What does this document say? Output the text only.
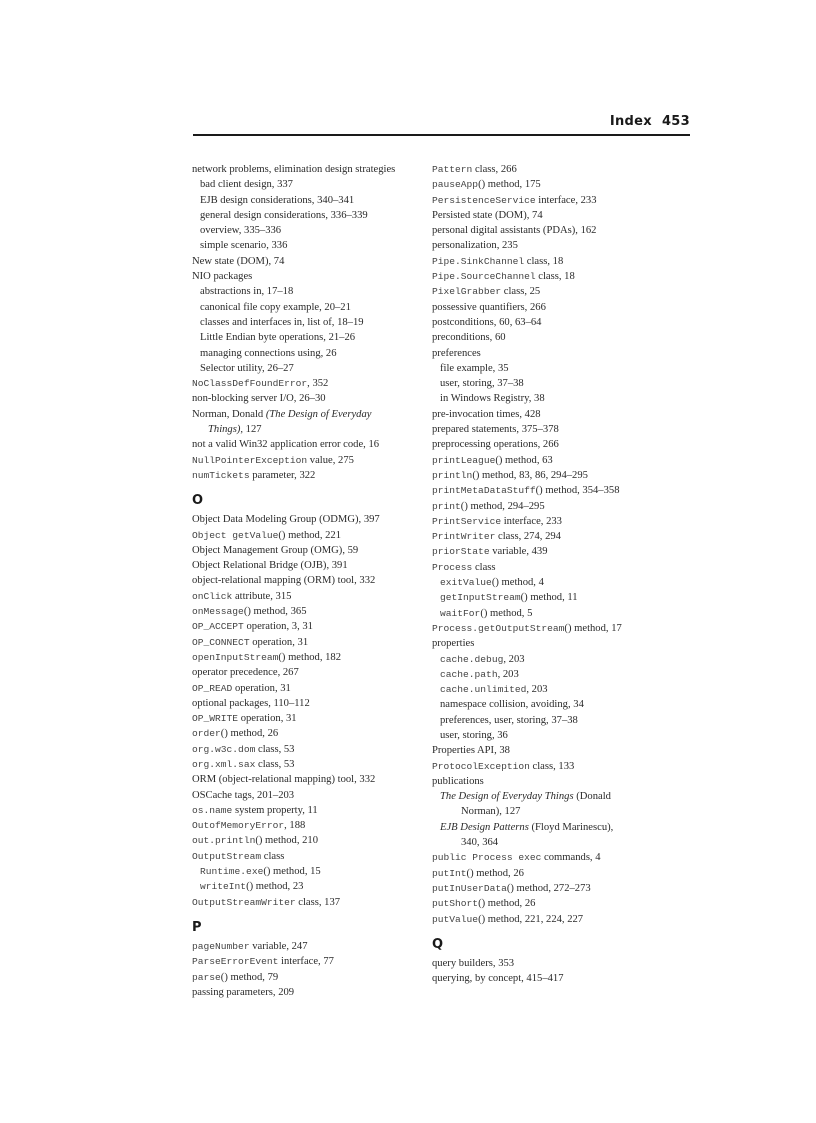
Index 453
network problems, elimination design strategies
bad client design, 337
EJB design considerations, 340–341
general design considerations, 336–339
overview, 335–336
simple scenario, 336
New state (DOM), 74
NIO packages
abstractions in, 17–18
canonical file copy example, 20–21
classes and interfaces in, list of, 18–19
Little Endian byte operations, 21–26
managing connections using, 26
Selector utility, 26–27
NoClassDefFoundError, 352
non-blocking server I/O, 26–30
Norman, Donald (The Design of Everyday
Things), 127
not a valid Win32 application error code, 16
NullPointerException value, 275
numTickets parameter, 322
O
Object Data Modeling Group (ODMG), 397
Object getValue() method, 221
Object Management Group (OMG), 59
Object Relational Bridge (OJB), 391
object-relational mapping (ORM) tool, 332
onClick attribute, 315
onMessage() method, 365
OP_ACCEPT operation, 3, 31
OP_CONNECT operation, 31
openInputStream() method, 182
operator precedence, 267
OP_READ operation, 31
optional packages, 110–112
OP_WRITE operation, 31
order() method, 26
org.w3c.dom class, 53
org.xml.sax class, 53
ORM (object-relational mapping) tool, 332
OSCache tags, 201–203
os.name system property, 11
OutofMemoryError, 188
out.println() method, 210
OutputStream class
Runtime.exe() method, 15
writeInt() method, 23
OutputStreamWriter class, 137
P
pageNumber variable, 247
ParseErrorEvent interface, 77
parse() method, 79
passing parameters, 209
Pattern class, 266
pauseApp() method, 175
PersistenceService interface, 233
Persisted state (DOM), 74
personal digital assistants (PDAs), 162
personalization, 235
Pipe.SinkChannel class, 18
Pipe.SourceChannel class, 18
PixelGrabber class, 25
possessive quantifiers, 266
postconditions, 60, 63–64
preconditions, 60
preferences
file example, 35
user, storing, 37–38
in Windows Registry, 38
pre-invocation times, 428
prepared statements, 375–378
preprocessing operations, 266
printLeague() method, 63
println() method, 83, 86, 294–295
printMetaDataStuff() method, 354–358
print() method, 294–295
PrintService interface, 233
PrintWriter class, 274, 294
priorState variable, 439
Process class
exitValue() method, 4
getInputStream() method, 11
waitFor() method, 5
Process.getOutputStream() method, 17
properties
cache.debug, 203
cache.path, 203
cache.unlimited, 203
namespace collision, avoiding, 34
preferences, user, storing, 37–38
user, storing, 36
Properties API, 38
ProtocolException class, 133
publications
The Design of Everyday Things (Donald
Norman), 127
EJB Design Patterns (Floyd Marinescu),
340, 364
public Process exec commands, 4
putInt() method, 26
putInUserData() method, 272–273
putShort() method, 26
putValue() method, 221, 224, 227
Q
query builders, 353
querying, by concept, 415–417
